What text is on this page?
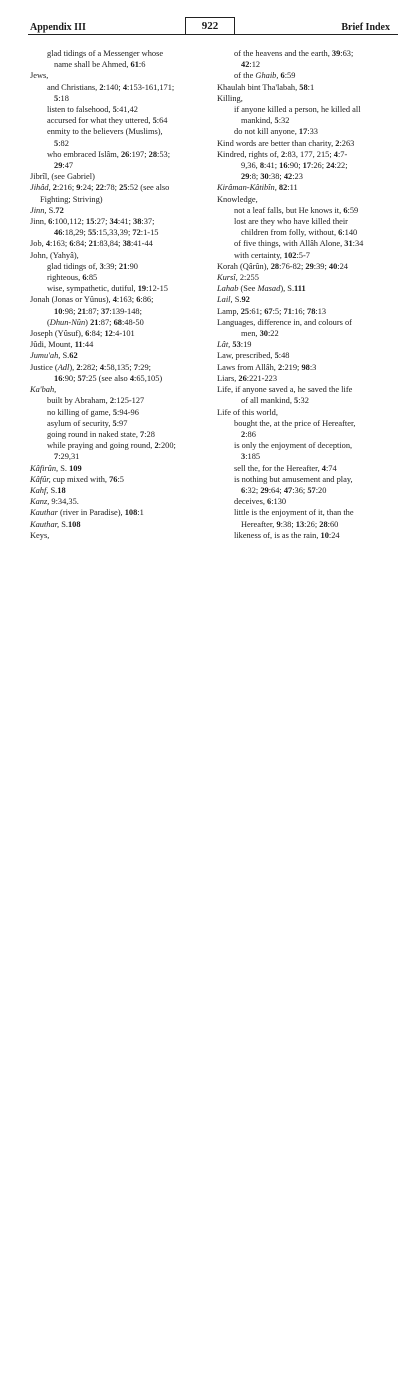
Appendix III	922	Brief Index
glad tidings of a Messenger whose
name shall be Ahmed, 61:6
Jews,
and Christians, 2:140; 4:153-161,171;
5:18
listen to falsehood, 5:41,42
accursed for what they uttered, 5:64
enmity to the believers (Muslims),
5:82
who embraced Islâm, 26:197; 28:53;
29:47
Jibrîl, (see Gabriel)
Jihâd, 2:216; 9:24; 22:78; 25:52 (see also
Fighting; Striving)
Jinn, S.72
Jinn, 6:100,112; 15:27; 34:41; 38:37;
46:18,29; 55:15,33,39; 72:1-15
Job, 4:163; 6:84; 21:83,84; 38:41-44
John, (Yahyâ),
glad tidings of, 3:39; 21:90
righteous, 6:85
wise, sympathetic, dutiful, 19:12-15
Jonah (Jonas or Yûnus), 4:163; 6:86;
10:98; 21:87; 37:139-148;
(Dhun-Nûn) 21:87; 68:48-50
Joseph (Yûsuf), 6:84; 12:4-101
Jûdi, Mount, 11:44
Jumu'ah, S.62
Justice (Adl), 2:282; 4:58,135; 7:29;
16:90; 57:25 (see also 4:65,105)
Ka'bah,
built by Abraham, 2:125-127
no killing of game, 5:94-96
asylum of security, 5:97
going round in naked state, 7:28
while praying and going round, 2:200;
7:29,31
Kâfirûn, S. 109
Kâfûr, cup mixed with, 76:5
Kahf, S.18
Kanz, 9:34,35.
Kauthar (river in Paradise), 108:1
Kauthar, S.108
Keys,
of the heavens and the earth, 39:63;
42:12
of the Ghaib, 6:59
Khaulah bint Tha'labah, 58:1
Killing,
if anyone killed a person, he killed all
mankind, 5:32
do not kill anyone, 17:33
Kind words are better than charity, 2:263
Kindred, rights of, 2:83, 177, 215; 4:7-
9,36, 8:41; 16:90; 17:26; 24:22;
29:8; 30:38; 42:23
Kirâman-Kâtibîn, 82:11
Knowledge,
not a leaf falls, but He knows it, 6:59
lost are they who have killed their
children from folly, without, 6:140
of five things, with Allâh Alone, 31:34
with certainty, 102:5-7
Korah (Qârûn), 28:76-82; 29:39; 40:24
Kursî, 2:255
Lahab (See Masad), S.111
Lail, S.92
Lamp, 25:61; 67:5; 71:16; 78:13
Languages, difference in, and colours of
men, 30:22
Lât, 53:19
Law, prescribed, 5:48
Laws from Allâh, 2:219; 98:3
Liars, 26:221-223
Life, if anyone saved a, he saved the life
of all mankind, 5:32
Life of this world,
bought the, at the price of Hereafter,
2:86
is only the enjoyment of deception,
3:185
sell the, for the Hereafter, 4:74
is nothing but amusement and play,
6:32; 29:64; 47:36; 57:20
deceives, 6:130
little is the enjoyment of it, than the
Hereafter, 9:38; 13:26; 28:60
likeness of, is as the rain, 10:24
